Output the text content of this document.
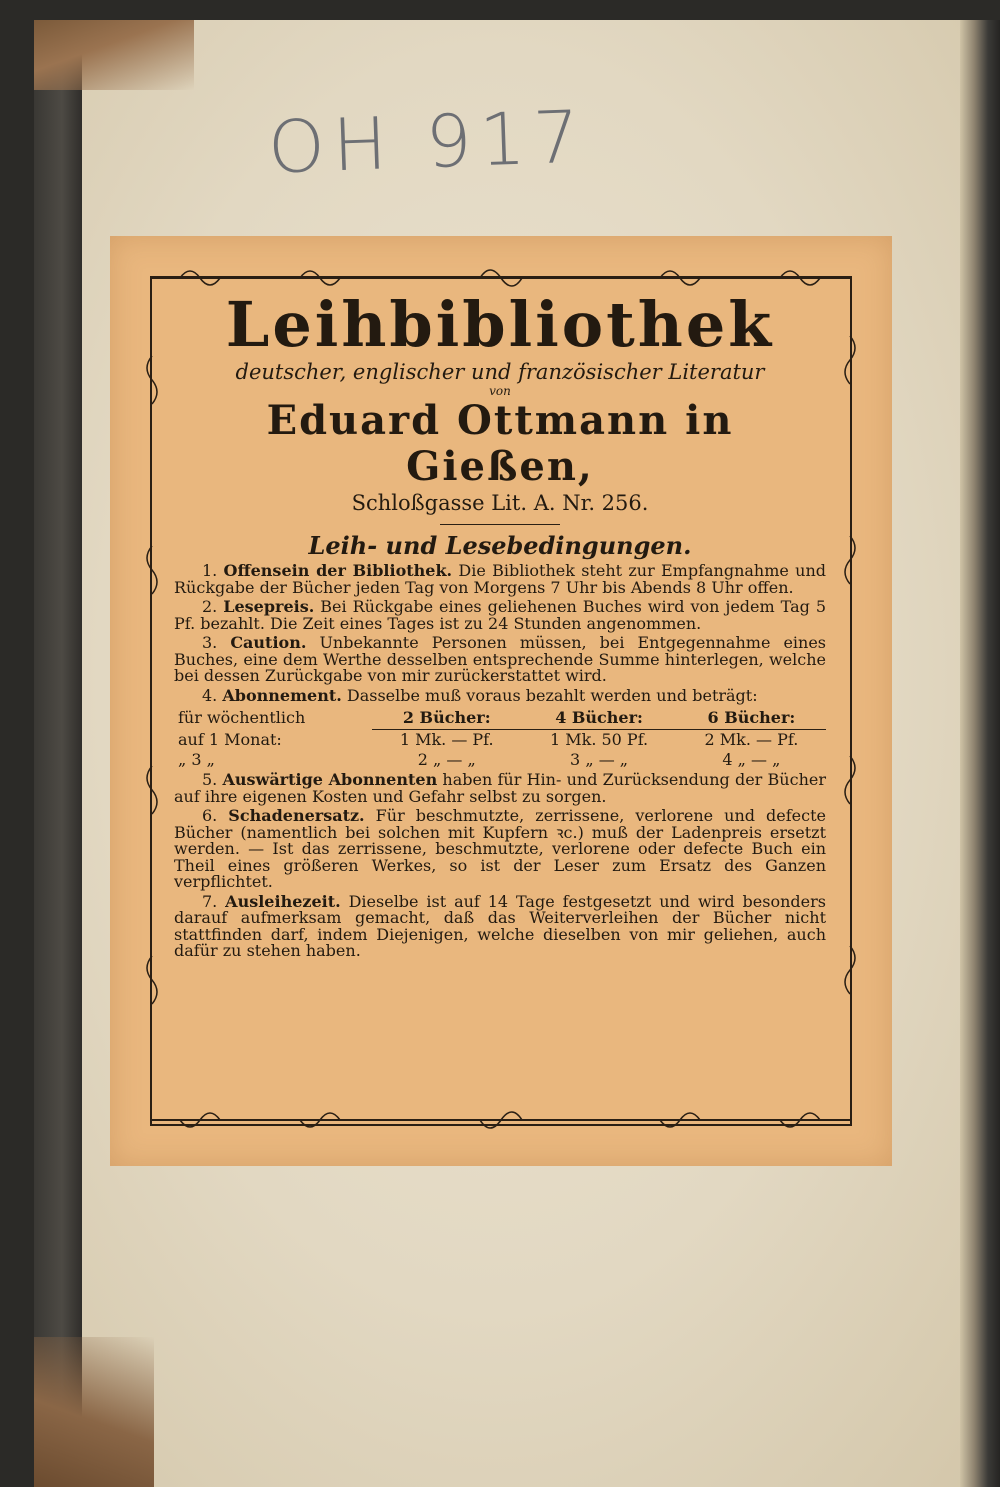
OH 917
Leihbibliothek
deutscher, englischer und französischer Literatur
von
Eduard Ottmann in Gießen,
Schloßgasse Lit. A. Nr. 256.
Leih- und Lesebedingungen.

1. Offensein der Bibliothek. Die Bibliothek steht zur Empfangnahme und Rückgabe der Bücher jeden Tag von Morgens 7 Uhr bis Abends 8 Uhr offen.

2. Lesepreis. Bei Rückgabe eines geliehenen Buches wird von jedem Tag 5 Pf. bezahlt. Die Zeit eines Tages ist zu 24 Stunden angenommen.

3. Caution. Unbekannte Personen müssen, bei Entgegennahme eines Buches, eine dem Werthe desselben entsprechende Summe hinterlegen, welche bei dessen Zurückgabe von mir zurückerstattet wird.

4. Abonnement. Dasselbe muß voraus bezahlt werden und beträgt:

für wöchentlich	2 Bücher:	4 Bücher:	6 Bücher:
auf 1 Monat:	1 Mk. — Pf.	1 Mk. 50 Pf.	2 Mk. — Pf.
„ 3 „	2 „ — „	3 „ — „	4 „ — „

5. Auswärtige Abonnenten haben für Hin- und Zurücksendung der Bücher auf ihre eigenen Kosten und Gefahr selbst zu sorgen.

6. Schadenersatz. Für beschmutzte, zerrissene, verlorene und defecte Bücher (namentlich bei solchen mit Kupfern ꝛc.) muß der Ladenpreis ersetzt werden. — Ist das zerrissene, beschmutzte, verlorene oder defecte Buch ein Theil eines größeren Werkes, so ist der Leser zum Ersatz des Ganzen verpflichtet.

7. Ausleihezeit. Dieselbe ist auf 14 Tage festgesetzt und wird besonders darauf aufmerksam gemacht, daß das Weiterverleihen der Bücher nicht stattfinden darf, indem Diejenigen, welche dieselben von mir geliehen, auch dafür zu stehen haben.
